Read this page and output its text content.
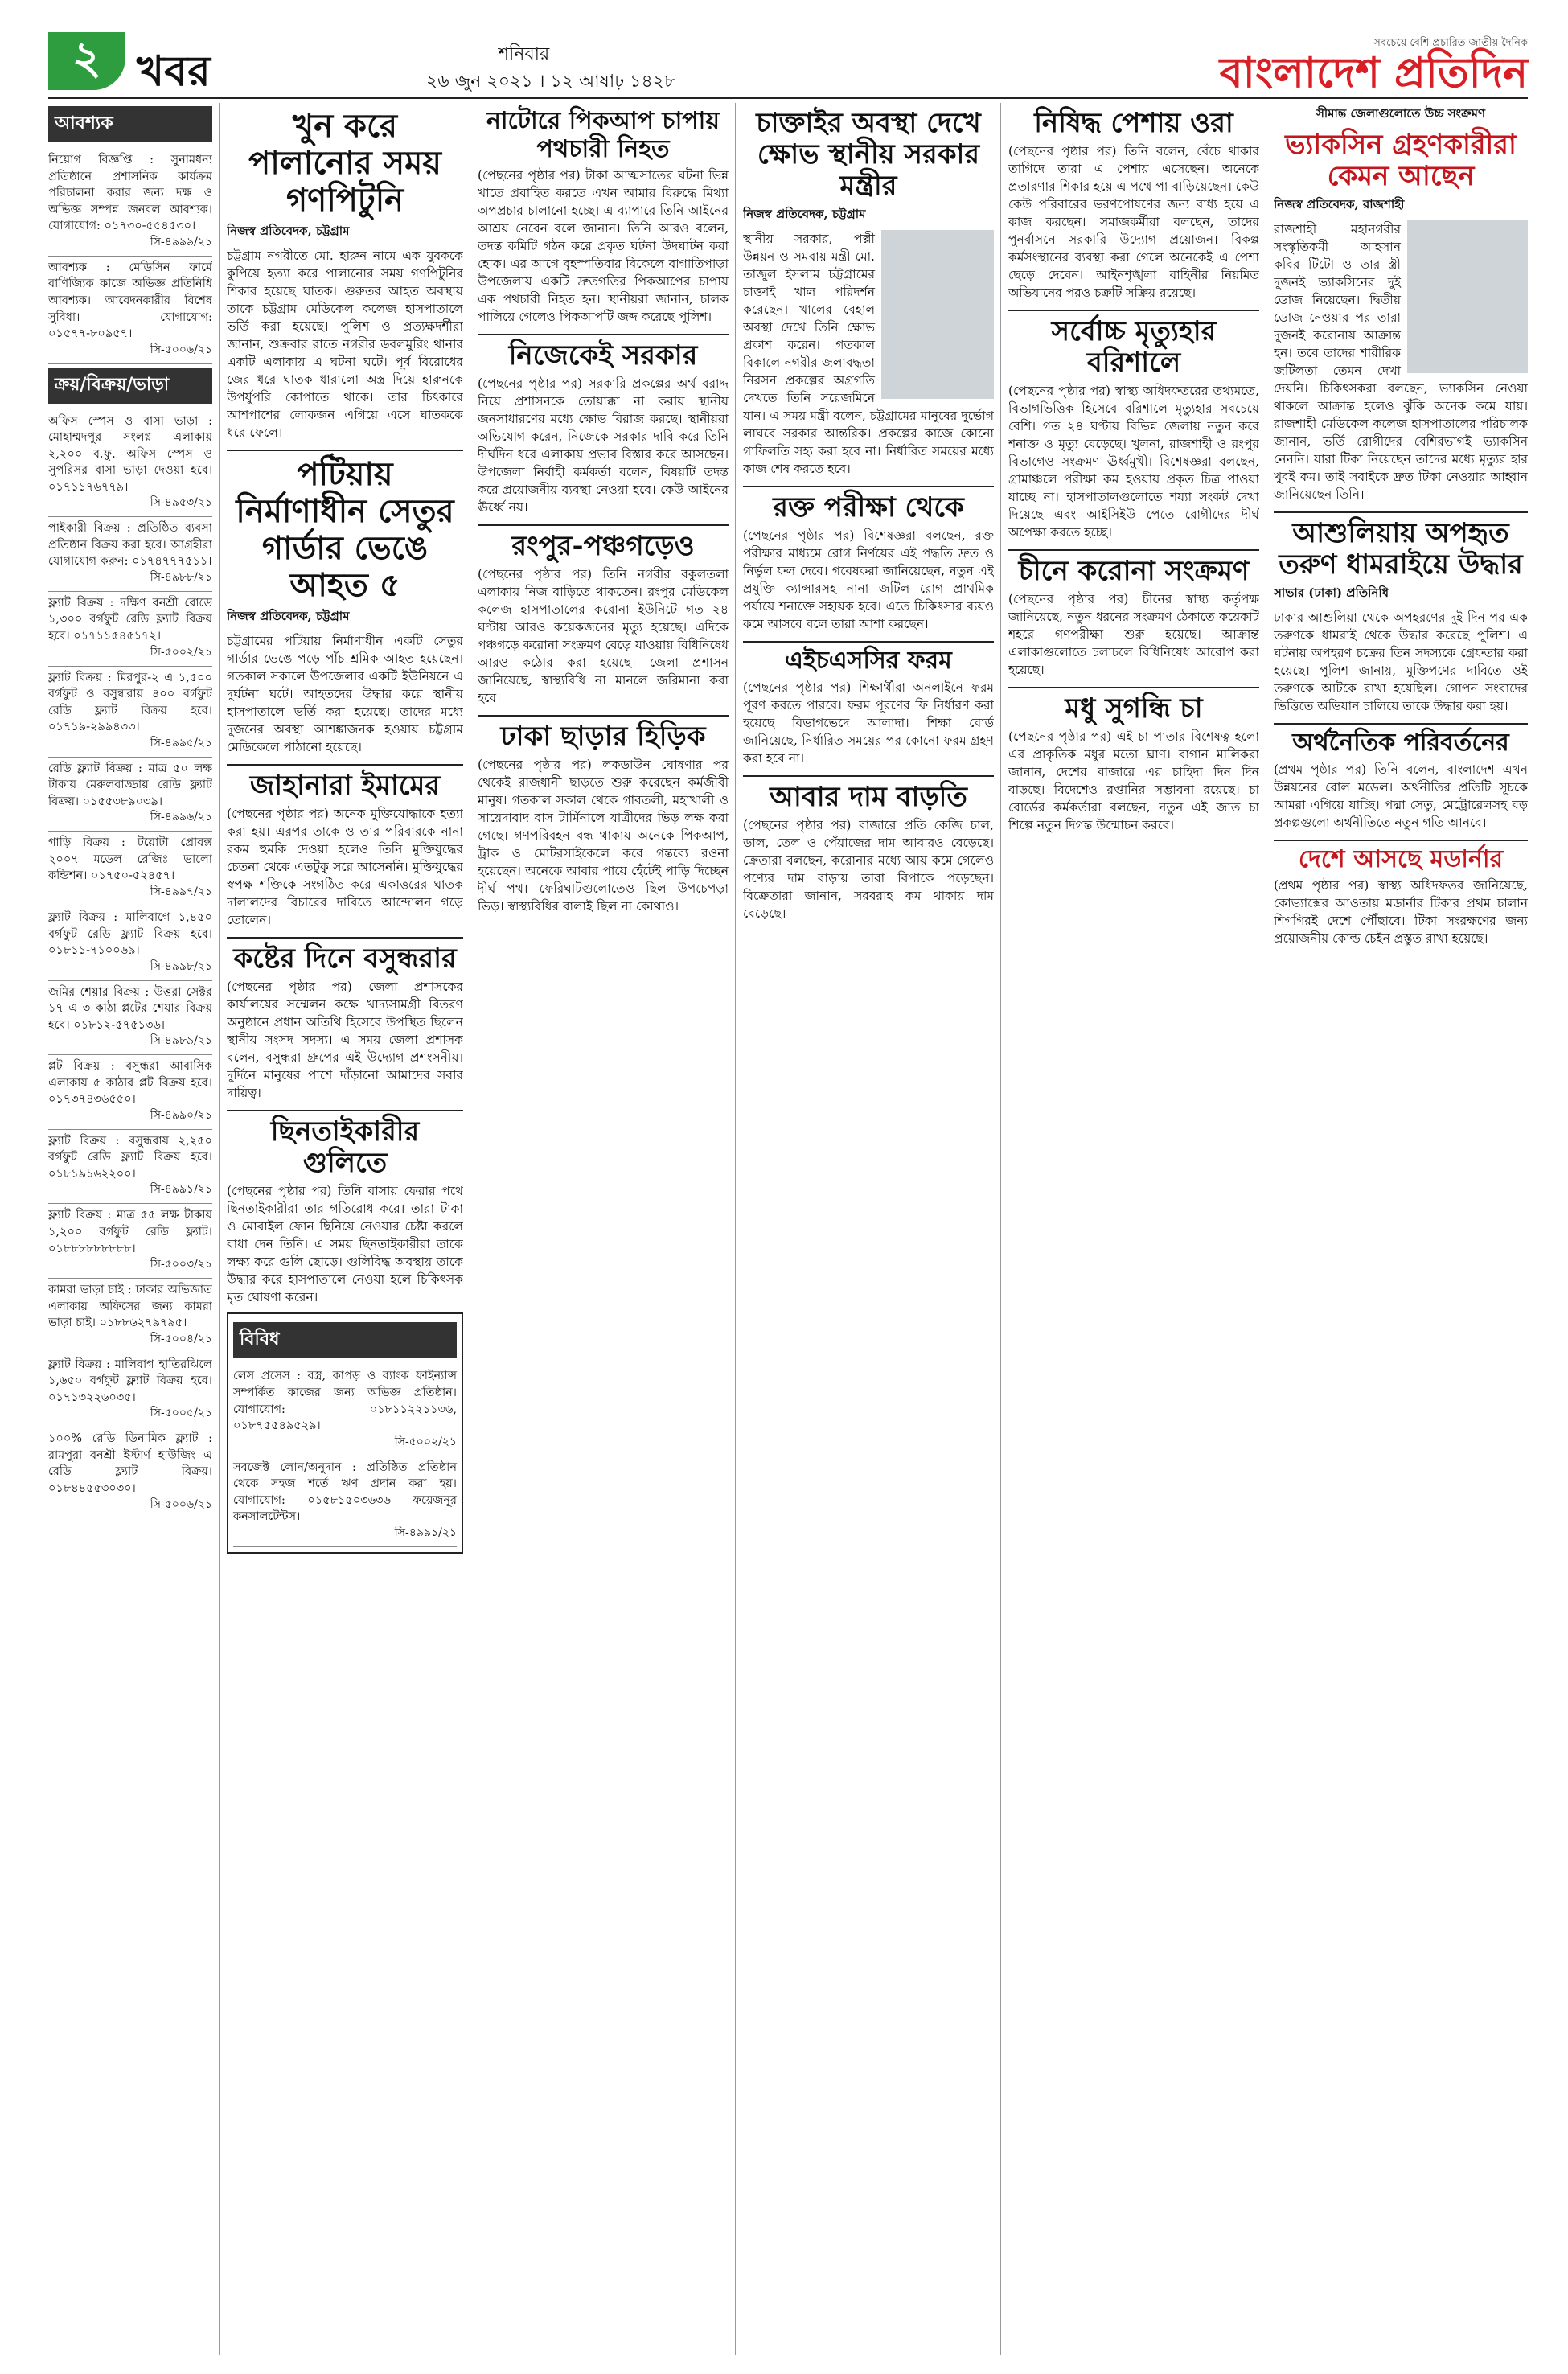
২ খবর	শনিবার
২৬ জুন ২০২১ । ১২ আষাঢ় ১৪২৮
সবচেয়ে বেশি প্রচারিত জাতীয় দৈনিক
বাংলাদেশ প্রতিদিন
আবশ্যক

নিয়োগ বিজ্ঞপ্তি : সুনামধন্য প্রতিষ্ঠানে প্রশাসনিক কার্যক্রম পরিচালনা করার জন্য দক্ষ ও অভিজ্ঞ সম্পন্ন জনবল আবশ্যক। যোগাযোগ: ০১৭৩০-৫৫৪৫৩০।
সি-৪৯৯৯/২১

আবশ্যক : মেডিসিন ফার্মে বাণিজ্যিক কাজে অভিজ্ঞ প্রতিনিধি আবশ্যক। আবেদনকারীর বিশেষ সুবিধা। যোগাযোগ: ০১৫৭৭-৮০৯৫৭।
সি-৫০০৬/২১

ক্রয়/বিক্রয়/ভাড়া

অফিস স্পেস ও বাসা ভাড়া : মোহাম্মদপুর সংলগ্ন এলাকায় ২,২০০ ব.ফু. অফিস স্পেস ও সুপরিসর বাসা ভাড়া দেওয়া হবে। ০১৭১১৭৬৭৭৯।
সি-৪৯৫৩/২১

পাইকারী বিক্রয় : প্রতিষ্ঠিত ব্যবসা প্রতিষ্ঠান বিক্রয় করা হবে। আগ্রহীরা যোগাযোগ করুন: ০১৭৪৭৭৭৫১১।
সি-৪৯৮৮/২১

ফ্ল্যাট বিক্রয় : দক্ষিণ বনশ্রী রোডে ১,৩০০ বর্গফুট রেডি ফ্ল্যাট বিক্রয় হবে। ০১৭১১৫৪৫১৭২।
সি-৫০০২/২১

ফ্ল্যাট বিক্রয় : মিরপুর-২ এ ১,৫০০ বর্গফুট ও বসুন্ধরায় ৪০০ বর্গফুট রেডি ফ্ল্যাট বিক্রয় হবে। ০১৭১৯-২৯৯৪৩৩।
সি-৪৯৯৫/২১

রেডি ফ্ল্যাট বিক্রয় : মাত্র ৫০ লক্ষ টাকায় মেরুলবাড্ডায় রেডি ফ্ল্যাট বিক্রয়। ০১৫৫৩৮৯০৩৯।
সি-৪৯৯৬/২১

গাড়ি বিক্রয় : টয়োটা প্রোবক্স ২০০৭ মডেল রেজিঃ ভালো কন্ডিশন। ০১৭৫০-৫২৪৫৭।
সি-৪৯৯৭/২১

ফ্ল্যাট বিক্রয় : মালিবাগে ১,৪৫০ বর্গফুট রেডি ফ্ল্যাট বিক্রয় হবে। ০১৮১১-৭১০০৬৯।
সি-৪৯৯৮/২১

জমির শেয়ার বিক্রয় : উত্তরা সেক্টর ১৭ এ ৩ কাঠা প্লটের শেয়ার বিক্রয় হবে। ০১৮১২-৫৭৫১৩৬।
সি-৪৯৮৯/২১

প্লট বিক্রয় : বসুন্ধরা আবাসিক এলাকায় ৫ কাঠার প্লট বিক্রয় হবে। ০১৭৩৭৪৩৬৫৫০।
সি-৪৯৯০/২১

ফ্ল্যাট বিক্রয় : বসুন্ধরায় ২,২৫০ বর্গফুট রেডি ফ্ল্যাট বিক্রয় হবে। ০১৮১৯১৬২২০০।
সি-৪৯৯১/২১

ফ্ল্যাট বিক্রয় : মাত্র ৫৫ লক্ষ টাকায় ১,২০০ বর্গফুট রেডি ফ্ল্যাট। ০১৮৮৮৮৮৮৮৮৮।
সি-৫০০৩/২১

কামরা ভাড়া চাই : ঢাকার অভিজাত এলাকায় অফিসের জন্য কামরা ভাড়া চাই। ০১৮৮৬২৭৯৭৯৫।
সি-৫০০৪/২১

ফ্ল্যাট বিক্রয় : মালিবাগ হাতিরঝিলে ১,৬৫০ বর্গফুট ফ্ল্যাট বিক্রয় হবে। ০১৭১৩২২৬০৩৫।
সি-৫০০৫/২১

১০০% রেডি ডিনামিক ফ্ল্যাট : রামপুরা বনশ্রী ইস্টার্ণ হাউজিং এ রেডি ফ্ল্যাট বিক্রয়। ০১৮৪৪৫৫৩০৩০।
সি-৫০০৬/২১

খুন করে পালানোর সময় গণপিটুনি
নিজস্ব প্রতিবেদক, চট্টগ্রাম

চট্টগ্রাম নগরীতে মো. হারুন নামে এক যুবককে কুপিয়ে হত্যা করে পালানোর সময় গণপিটুনির শিকার হয়েছে ঘাতক। গুরুতর আহত অবস্থায় তাকে চট্টগ্রাম মেডিকেল কলেজ হাসপাতালে ভর্তি করা হয়েছে। পুলিশ ও প্রত্যক্ষদর্শীরা জানান, শুক্রবার রাতে নগরীর ডবলমুরিং থানার একটি এলাকায় এ ঘটনা ঘটে। পূর্ব বিরোধের জের ধরে ঘাতক ধারালো অস্ত্র দিয়ে হারুনকে উপর্যুপরি কোপাতে থাকে। তার চিৎকারে আশপাশের লোকজন এগিয়ে এসে ঘাতককে ধরে ফেলে।

পটিয়ায় নির্মাণাধীন সেতুর গার্ডার ভেঙে আহত ৫
নিজস্ব প্রতিবেদক, চট্টগ্রাম

চট্টগ্রামের পটিয়ায় নির্মাণাধীন একটি সেতুর গার্ডার ভেঙে পড়ে পাঁচ শ্রমিক আহত হয়েছেন। গতকাল সকালে উপজেলার একটি ইউনিয়নে এ দুর্ঘটনা ঘটে। আহতদের উদ্ধার করে স্থানীয় হাসপাতালে ভর্তি করা হয়েছে। তাদের মধ্যে দুজনের অবস্থা আশঙ্কাজনক হওয়ায় চট্টগ্রাম মেডিকেলে পাঠানো হয়েছে।

জাহানারা ইমামের

(পেছনের পৃষ্ঠার পর) অনেক মুক্তিযোদ্ধাকে হত্যা করা হয়। এরপর তাকে ও তার পরিবারকে নানা রকম হুমকি দেওয়া হলেও তিনি মুক্তিযুদ্ধের চেতনা থেকে এতটুকু সরে আসেননি। মুক্তিযুদ্ধের স্বপক্ষ শক্তিকে সংগঠিত করে একাত্তরের ঘাতক দালালদের বিচারের দাবিতে আন্দোলন গড়ে তোলেন।

কষ্টের দিনে বসুন্ধরার

(পেছনের পৃষ্ঠার পর) জেলা প্রশাসকের কার্যালয়ের সম্মেলন কক্ষে খাদ্যসামগ্রী বিতরণ অনুষ্ঠানে প্রধান অতিথি হিসেবে উপস্থিত ছিলেন স্থানীয় সংসদ সদস্য। এ সময় জেলা প্রশাসক বলেন, বসুন্ধরা গ্রুপের এই উদ্যোগ প্রশংসনীয়। দুর্দিনে মানুষের পাশে দাঁড়ানো আমাদের সবার দায়িত্ব।

ছিনতাইকারীর গুলিতে

(পেছনের পৃষ্ঠার পর) তিনি বাসায় ফেরার পথে ছিনতাইকারীরা তার গতিরোধ করে। তারা টাকা ও মোবাইল ফোন ছিনিয়ে নেওয়ার চেষ্টা করলে বাধা দেন তিনি। এ সময় ছিনতাইকারীরা তাকে লক্ষ্য করে গুলি ছোড়ে। গুলিবিদ্ধ অবস্থায় তাকে উদ্ধার করে হাসপাতালে নেওয়া হলে চিকিৎসক মৃত ঘোষণা করেন।

বিবিধ

লেস প্রসেস : বস্ত্র, কাপড় ও ব্যাংক ফাইন্যান্স সম্পর্কিত কাজের জন্য অভিজ্ঞ প্রতিষ্ঠান। যোগাযোগ: ০১৮১১২২১১৩৬, ০১৮৭৫৫৪৯৫২৯।
সি-৫০০২/২১

সবজেক্ট লোন/অনুদান : প্রতিষ্ঠিত প্রতিষ্ঠান থেকে সহজ শর্তে ঋণ প্রদান করা হয়। যোগাযোগ: ০১৫৮১৫০৩৬৩৬ ফয়েজনূর কনসালটেন্টস।
সি-৪৯৯১/২১

নাটোরে পিকআপ চাপায় পথচারী নিহত

(পেছনের পৃষ্ঠার পর) টাকা আত্মসাতের ঘটনা ভিন্ন খাতে প্রবাহিত করতে এখন আমার বিরুদ্ধে মিথ্যা অপপ্রচার চালানো হচ্ছে। এ ব্যাপারে তিনি আইনের আশ্রয় নেবেন বলে জানান। তিনি আরও বলেন, তদন্ত কমিটি গঠন করে প্রকৃত ঘটনা উদঘাটন করা হোক। এর আগে বৃহস্পতিবার বিকেলে বাগাতিপাড়া উপজেলায় একটি দ্রুতগতির পিকআপের চাপায় এক পথচারী নিহত হন। স্থানীয়রা জানান, চালক পালিয়ে গেলেও পিকআপটি জব্দ করেছে পুলিশ।

নিজেকেই সরকার

(পেছনের পৃষ্ঠার পর) সরকারি প্রকল্পের অর্থ বরাদ্দ নিয়ে প্রশাসনকে তোয়াক্কা না করায় স্থানীয় জনসাধারণের মধ্যে ক্ষোভ বিরাজ করছে। স্থানীয়রা অভিযোগ করেন, নিজেকে সরকার দাবি করে তিনি দীর্ঘদিন ধরে এলাকায় প্রভাব বিস্তার করে আসছেন। উপজেলা নির্বাহী কর্মকর্তা বলেন, বিষয়টি তদন্ত করে প্রয়োজনীয় ব্যবস্থা নেওয়া হবে। কেউ আইনের ঊর্ধ্বে নয়।

রংপুর-পঞ্চগড়েও

(পেছনের পৃষ্ঠার পর) তিনি নগরীর বকুলতলা এলাকায় নিজ বাড়িতে থাকতেন। রংপুর মেডিকেল কলেজ হাসপাতালের করোনা ইউনিটে গত ২৪ ঘণ্টায় আরও কয়েকজনের মৃত্যু হয়েছে। এদিকে পঞ্চগড়ে করোনা সংক্রমণ বেড়ে যাওয়ায় বিধিনিষেধ আরও কঠোর করা হয়েছে। জেলা প্রশাসন জানিয়েছে, স্বাস্থ্যবিধি না মানলে জরিমানা করা হবে।

ঢাকা ছাড়ার হিড়িক

(পেছনের পৃষ্ঠার পর) লকডাউন ঘোষণার পর থেকেই রাজধানী ছাড়তে শুরু করেছেন কর্মজীবী মানুষ। গতকাল সকাল থেকে গাবতলী, মহাখালী ও সায়েদাবাদ বাস টার্মিনালে যাত্রীদের ভিড় লক্ষ করা গেছে। গণপরিবহন বন্ধ থাকায় অনেকে পিকআপ, ট্রাক ও মোটরসাইকেলে করে গন্তব্যে রওনা হয়েছেন। অনেকে আবার পায়ে হেঁটেই পাড়ি দিচ্ছেন দীর্ঘ পথ। ফেরিঘাটগুলোতেও ছিল উপচেপড়া ভিড়। স্বাস্থ্যবিধির বালাই ছিল না কোথাও।

চাক্তাইর অবস্থা দেখে ক্ষোভ স্থানীয় সরকার মন্ত্রীর
নিজস্ব প্রতিবেদক, চট্টগ্রাম

স্থানীয় সরকার, পল্লী উন্নয়ন ও সমবায় মন্ত্রী মো. তাজুল ইসলাম চট্টগ্রামের চাক্তাই খাল পরিদর্শন করেছেন। খালের বেহাল অবস্থা দেখে তিনি ক্ষোভ প্রকাশ করেন। গতকাল বিকালে নগরীর জলাবদ্ধতা নিরসন প্রকল্পের অগ্রগতি দেখতে তিনি সরেজমিনে যান। এ সময় মন্ত্রী বলেন, চট্টগ্রামের মানুষের দুর্ভোগ লাঘবে সরকার আন্তরিক। প্রকল্পের কাজে কোনো গাফিলতি সহ্য করা হবে না। নির্ধারিত সময়ের মধ্যে কাজ শেষ করতে হবে।

রক্ত পরীক্ষা থেকে

(পেছনের পৃষ্ঠার পর) বিশেষজ্ঞরা বলছেন, রক্ত পরীক্ষার মাধ্যমে রোগ নির্ণয়ের এই পদ্ধতি দ্রুত ও নির্ভুল ফল দেবে। গবেষকরা জানিয়েছেন, নতুন এই প্রযুক্তি ক্যান্সারসহ নানা জটিল রোগ প্রাথমিক পর্যায়ে শনাক্তে সহায়ক হবে। এতে চিকিৎসার ব্যয়ও কমে আসবে বলে তারা আশা করছেন।

এইচএসসির ফরম

(পেছনের পৃষ্ঠার পর) শিক্ষার্থীরা অনলাইনে ফরম পূরণ করতে পারবে। ফরম পূরণের ফি নির্ধারণ করা হয়েছে বিভাগভেদে আলাদা। শিক্ষা বোর্ড জানিয়েছে, নির্ধারিত সময়ের পর কোনো ফরম গ্রহণ করা হবে না।

আবার দাম বাড়তি

(পেছনের পৃষ্ঠার পর) বাজারে প্রতি কেজি চাল, ডাল, তেল ও পেঁয়াজের দাম আবারও বেড়েছে। ক্রেতারা বলছেন, করোনার মধ্যে আয় কমে গেলেও পণ্যের দাম বাড়ায় তারা বিপাকে পড়েছেন। বিক্রেতারা জানান, সরবরাহ কম থাকায় দাম বেড়েছে।

নিষিদ্ধ পেশায় ওরা

(পেছনের পৃষ্ঠার পর) তিনি বলেন, বেঁচে থাকার তাগিদে তারা এ পেশায় এসেছেন। অনেকে প্রতারণার শিকার হয়ে এ পথে পা বাড়িয়েছেন। কেউ কেউ পরিবারের ভরণপোষণের জন্য বাধ্য হয়ে এ কাজ করছেন। সমাজকর্মীরা বলছেন, তাদের পুনর্বাসনে সরকারি উদ্যোগ প্রয়োজন। বিকল্প কর্মসংস্থানের ব্যবস্থা করা গেলে অনেকেই এ পেশা ছেড়ে দেবেন। আইনশৃঙ্খলা বাহিনীর নিয়মিত অভিযানের পরও চক্রটি সক্রিয় রয়েছে।

সর্বোচ্চ মৃত্যুহার বরিশালে

(পেছনের পৃষ্ঠার পর) স্বাস্থ্য অধিদফতরের তথ্যমতে, বিভাগভিত্তিক হিসেবে বরিশালে মৃত্যুহার সবচেয়ে বেশি। গত ২৪ ঘণ্টায় বিভিন্ন জেলায় নতুন করে শনাক্ত ও মৃত্যু বেড়েছে। খুলনা, রাজশাহী ও রংপুর বিভাগেও সংক্রমণ ঊর্ধ্বমুখী। বিশেষজ্ঞরা বলছেন, গ্রামাঞ্চলে পরীক্ষা কম হওয়ায় প্রকৃত চিত্র পাওয়া যাচ্ছে না। হাসপাতালগুলোতে শয্যা সংকট দেখা দিয়েছে এবং আইসিইউ পেতে রোগীদের দীর্ঘ অপেক্ষা করতে হচ্ছে।

চীনে করোনা সংক্রমণ

(পেছনের পৃষ্ঠার পর) চীনের স্বাস্থ্য কর্তৃপক্ষ জানিয়েছে, নতুন ধরনের সংক্রমণ ঠেকাতে কয়েকটি শহরে গণপরীক্ষা শুরু হয়েছে। আক্রান্ত এলাকাগুলোতে চলাচলে বিধিনিষেধ আরোপ করা হয়েছে।

মধু সুগন্ধি চা

(পেছনের পৃষ্ঠার পর) এই চা পাতার বিশেষত্ব হলো এর প্রাকৃতিক মধুর মতো ঘ্রাণ। বাগান মালিকরা জানান, দেশের বাজারে এর চাহিদা দিন দিন বাড়ছে। বিদেশেও রপ্তানির সম্ভাবনা রয়েছে। চা বোর্ডের কর্মকর্তারা বলছেন, নতুন এই জাত চা শিল্পে নতুন দিগন্ত উন্মোচন করবে।

সীমান্ত জেলাগুলোতে উচ্চ সংক্রমণ
ভ্যাকসিন গ্রহণকারীরা কেমন আছেন
নিজস্ব প্রতিবেদক, রাজশাহী

রাজশাহী মহানগরীর সংস্কৃতিকর্মী আহসান কবির টিটো ও তার স্ত্রী দুজনই ভ্যাকসিনের দুই ডোজ নিয়েছেন। দ্বিতীয় ডোজ নেওয়ার পর তারা দুজনই করোনায় আক্রান্ত হন। তবে তাদের শারীরিক জটিলতা তেমন দেখা দেয়নি। চিকিৎসকরা বলছেন, ভ্যাকসিন নেওয়া থাকলে আক্রান্ত হলেও ঝুঁকি অনেক কমে যায়। রাজশাহী মেডিকেল কলেজ হাসপাতালের পরিচালক জানান, ভর্তি রোগীদের বেশিরভাগই ভ্যাকসিন নেননি। যারা টিকা নিয়েছেন তাদের মধ্যে মৃত্যুর হার খুবই কম। তাই সবাইকে দ্রুত টিকা নেওয়ার আহ্বান জানিয়েছেন তিনি।

আশুলিয়ায় অপহৃত তরুণ ধামরাইয়ে উদ্ধার
সাভার (ঢাকা) প্রতিনিধি

ঢাকার আশুলিয়া থেকে অপহরণের দুই দিন পর এক তরুণকে ধামরাই থেকে উদ্ধার করেছে পুলিশ। এ ঘটনায় অপহরণ চক্রের তিন সদস্যকে গ্রেফতার করা হয়েছে। পুলিশ জানায়, মুক্তিপণের দাবিতে ওই তরুণকে আটকে রাখা হয়েছিল। গোপন সংবাদের ভিত্তিতে অভিযান চালিয়ে তাকে উদ্ধার করা হয়।

অর্থনৈতিক পরিবর্তনের

(প্রথম পৃষ্ঠার পর) তিনি বলেন, বাংলাদেশ এখন উন্নয়নের রোল মডেল। অর্থনীতির প্রতিটি সূচকে আমরা এগিয়ে যাচ্ছি। পদ্মা সেতু, মেট্রোরেলসহ বড় প্রকল্পগুলো অর্থনীতিতে নতুন গতি আনবে।

দেশে আসছে মডার্নার

(প্রথম পৃষ্ঠার পর) স্বাস্থ্য অধিদফতর জানিয়েছে, কোভ্যাক্সের আওতায় মডার্নার টিকার প্রথম চালান শিগগিরই দেশে পৌঁছাবে। টিকা সংরক্ষণের জন্য প্রয়োজনীয় কোল্ড চেইন প্রস্তুত রাখা হয়েছে।
